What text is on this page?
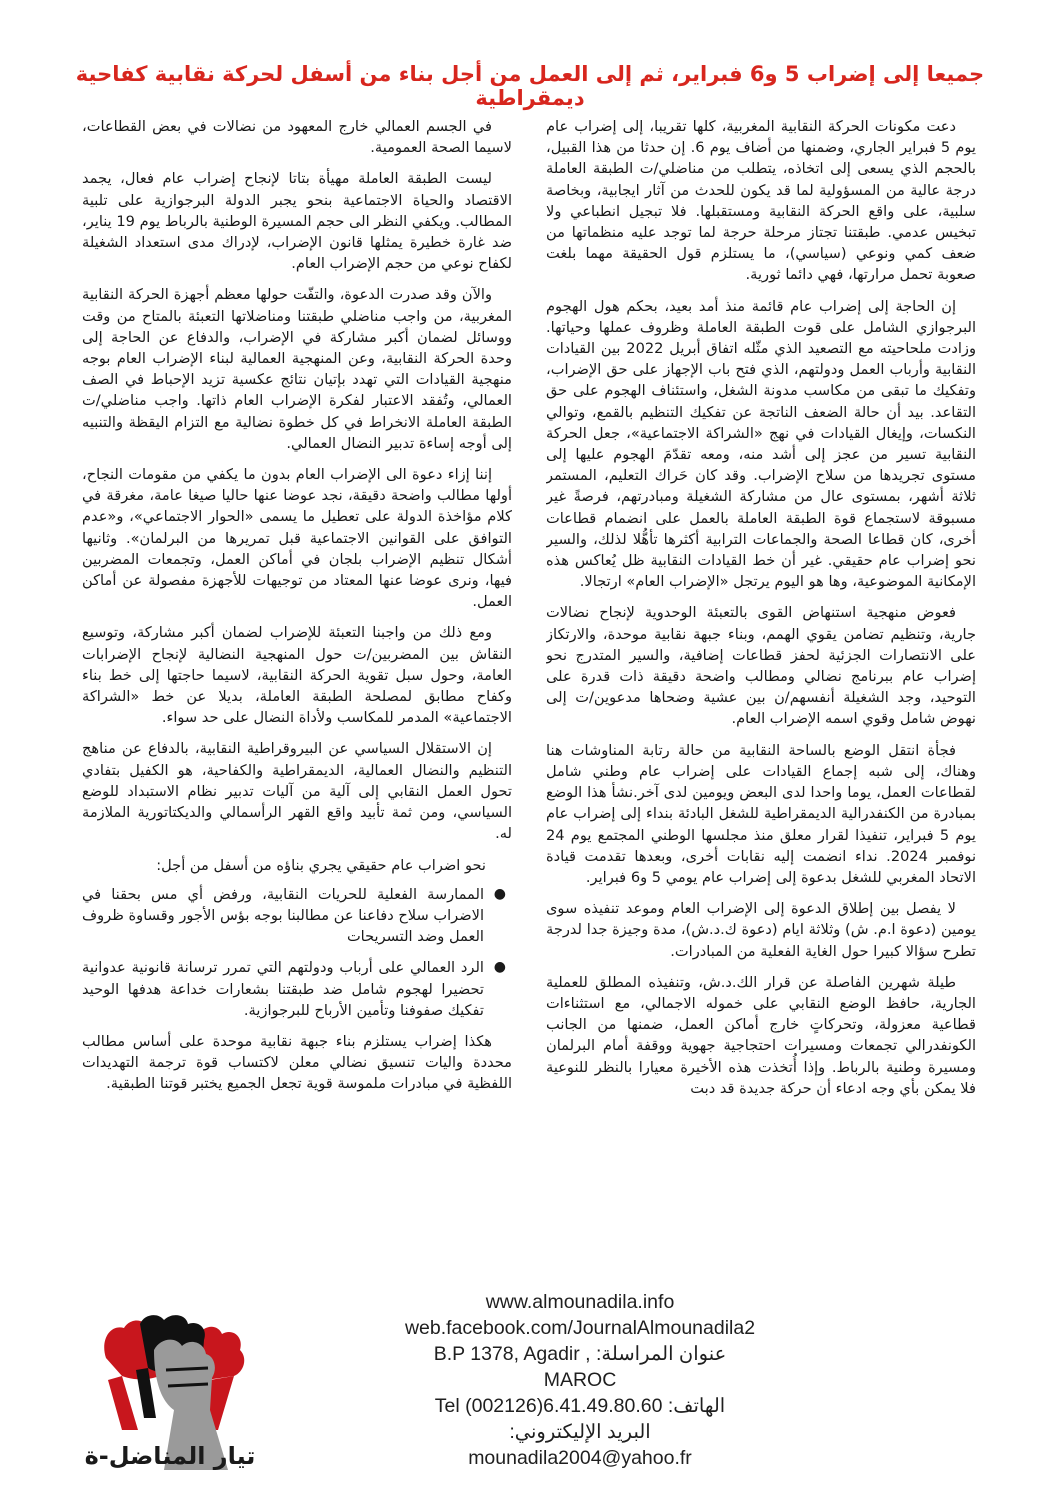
جميعا إلى إضراب 5 و6 فبراير، ثم إلى العمل من أجل بناء من أسفل لحركة نقابية كفاحية ديمقراطية

دعت مكونات الحركة النقابية المغربية، كلها تقريبا، إلى إضراب عام يوم 5 فبراير الجاري، وضمنها من أضاف يوم 6. إن حدثا من هذا القبيل، بالحجم الذي يسعى إلى اتخاذه، يتطلب من مناضلي/ت الطبقة العاملة درجة عالية من المسؤولية لما قد يكون للحدث من آثار ايجابية، وبخاصة سلبية، على واقع الحركة النقابية ومستقبلها. فلا تبجيل انطباعي ولا تبخيس عدمي. طبقتنا تجتاز مرحلة حرجة لما توجد عليه منظماتها من ضعف كمي ونوعي (سياسي)، ما يستلزم قول الحقيقة مهما بلغت صعوبة تحمل مرارتها، فهي دائما ثورية.

إن الحاجة إلى إضراب عام قائمة منذ أمد بعيد، بحكم هول الهجوم البرجوازي الشامل على قوت الطبقة العاملة وظروف عملها وحياتها. وزادت ملحاحيته مع التصعيد الذي مثّله اتفاق أبريل 2022 بين القيادات النقابية وأرباب العمل ودولتهم، الذي فتح باب الإجهاز على حق الإضراب، وتفكيك ما تبقى من مكاسب مدونة الشغل، واستئناف الهجوم على حق التقاعد. بيد أن حالة الضعف الناتجة عن تفكيك التنظيم بالقمع، وتوالي النكسات، وإيغال القيادات في نهج «الشراكة الاجتماعية»، جعل الحركة النقابية تسير من عجز إلى أشد منه، ومعه تقدّمَ الهجوم عليها إلى مستوى تجريدها من سلاح الإضراب. وقد كان حَراك التعليم، المستمر ثلاثة أشهر، بمستوى عال من مشاركة الشغيلة ومبادرتهم، فرصةً غير مسبوقة لاستجماع قوة الطبقة العاملة بالعمل على انضمام قطاعات أخرى، كان قطاعا الصحة والجماعات الترابية أكثرها تأهُّلا لذلك، والسير نحو إضراب عام حقيقي. غير أن خط القيادات النقابية ظل يُعاكس هذه الإمكانية الموضوعية، وها هو اليوم يرتجل «الإضراب العام» ارتجالا.

فعوض منهجية استنهاض القوى بالتعبئة الوحدوية لإنجاح نضالات جارية، وتنظيم تضامن يقوي الهمم، وبناء جبهة نقابية موحدة، والارتكاز على الانتصارات الجزئية لحفز قطاعات إضافية، والسير المتدرج نحو إضراب عام ببرنامج نضالي ومطالب واضحة دقيقة ذات قدرة على التوحيد، وجد الشغيلة أنفسهم/ن بين عشية وضحاها مدعوين/ت إلى نهوض شامل وقوي اسمه الإضراب العام.

فجأة انتقل الوضع بالساحة النقابية من حالة رتابة المناوشات هنا وهناك، إلى شبه إجماع القيادات على إضراب عام وطني شامل لقطاعات العمل، يوما واحدا لدى البعض ويومين لدى آخر.نشأ هذا الوضع بمبادرة من الكنفدرالية الديمقراطية للشغل البادئة بنداء إلى إضراب عام يوم 5 فبراير، تنفيذا لقرار معلق منذ مجلسها الوطني المجتمع يوم 24 نوفمبر 2024. نداء انضمت إليه نقابات أخرى، وبعدها تقدمت قيادة الاتحاد المغربي للشغل بدعوة إلى إضراب عام يومي 5 و6 فبراير.

لا يفصل بين إطلاق الدعوة إلى الإضراب العام وموعد تنفيذه سوى يومين (دعوة ا.م. ش) وثلاثة ايام (دعوة ك.د.ش)، مدة وجيزة جدا لدرجة تطرح سؤالا كبيرا حول الغاية الفعلية من المبادرات.

طيلة شهرين الفاصلة عن قرار الك.د.ش، وتنفيذه المطلق للعملية الجارية، حافظ الوضع النقابي على خموله الاجمالي، مع استثناءات قطاعية معزولة، وتحركاتٍ خارج أماكن العمل، ضمنها من الجانب الكونفدرالي تجمعات ومسيرات احتجاجية جهوية ووقفة أمام البرلمان ومسيرة وطنية بالرباط. وإذا أُتخذت هذه الأخيرة معيارا بالنظر للنوعية فلا يمكن بأي وجه ادعاء أن حركة جديدة قد دبت

في الجسم العمالي خارج المعهود من نضالات في بعض القطاعات، لاسيما الصحة العمومية.

ليست الطبقة العاملة مهيأة بتاتا لإنجاح إضراب عام فعال، يجمد الاقتصاد والحياة الاجتماعية بنحو يجبر الدولة البرجوازية على تلبية المطالب. ويكفي النظر الى حجم المسيرة الوطنية بالرباط يوم 19 يناير، ضد غارة خطيرة يمثلها قانون الإضراب، لإدراك مدى استعداد الشغيلة لكفاح نوعي من حجم الإضراب العام.

والآن وقد صدرت الدعوة، والتفّت حولها معظم أجهزة الحركة النقابية المغربية، من واجب مناضلي طبقتنا ومناضلاتها التعبئة بالمتاح من وقت ووسائل لضمان أكبر مشاركة في الإضراب، والدفاع عن الحاجة إلى وحدة الحركة النقابية، وعن المنهجية العمالية لبناء الإضراب العام بوجه منهجية القيادات التي تهدد بإتيان نتائج عكسية تزيد الإحباط في الصف العمالي، وتُفقد الاعتبار لفكرة الإضراب العام ذاتها. واجب مناضلي/ت الطبقة العاملة الانخراط في كل خطوة نضالية مع التزام اليقظة والتنبيه إلى أوجه إساءة تدبير النضال العمالي.

إننا إزاء دعوة الى الإضراب العام بدون ما يكفي من مقومات النجاح، أولها مطالب واضحة دقيقة، نجد عوضا عنها حاليا صيغا عامة، مغرقة في كلام مؤاخذة الدولة على تعطيل ما يسمى «الحوار الاجتماعي»، و«عدم التوافق على القوانين الاجتماعية قبل تمريرها من البرلمان». وثانيها أشكال تنظيم الإضراب بلجان في أماكن العمل، وتجمعات المضربين فيها، ونرى عوضا عنها المعتاد من توجيهات للأجهزة مفصولة عن أماكن العمل.

ومع ذلك من واجبنا التعبئة للإضراب لضمان أكبر مشاركة، وتوسيع النقاش بين المضربين/ت حول المنهجية النضالية لإنجاح الإضرابات العامة، وحول سبل تقوية الحركة النقابية، لاسيما حاجتها إلى خط بناء وكفاح مطابق لمصلحة الطبقة العاملة، بديلا عن خط «الشراكة الاجتماعية» المدمر للمكاسب ولأداة النضال على حد سواء.

إن الاستقلال السياسي عن البيروقراطية النقابية، بالدفاع عن مناهج التنظيم والنضال العمالية، الديمقراطية والكفاحية، هو الكفيل بتفادي تحول العمل النقابي إلى آلية من آليات تدبير نظام الاستبداد للوضع السياسي، ومن ثمة تأبيد واقع القهر الرأسمالي والديكتاتورية الملازمة له.

نحو اضراب عام حقيقي يجري بناؤه من أسفل من أجل:

●
الممارسة الفعلية للحريات النقابية، ورفض أي مس بحقنا في الاضراب سلاح دفاعنا عن مطالبنا بوجه بؤس الأجور وقساوة ظروف العمل وضد التسريحات
●
الرد العمالي على أرباب ودولتهم التي تمرر ترسانة قانونية عدوانية تحضيرا لهجوم شامل ضد طبقتنا بشعارات خداعة هدفها الوحيد تفكيك صفوفنا وتأمين الأرباح للبرجوازية.

هكذا إضراب يستلزم بناء جبهة نقابية موحدة على أساس مطالب محددة واليات تنسيق نضالي معلن لاكتساب قوة ترجمة التهديدات اللفظية في مبادرات ملموسة قوية تجعل الجميع يختبر قوتنا الطبقية.

تيار المناضل-ة
www.almounadila.info
web.facebook.com/JournalAlmounadila2
عنوان المراسلة: B.P 1378, Agadir , MAROC
الهاتف: Tel (002126)6.41.49.80.60
البريد الإليكتروني: mounadila2004@yahoo.fr
